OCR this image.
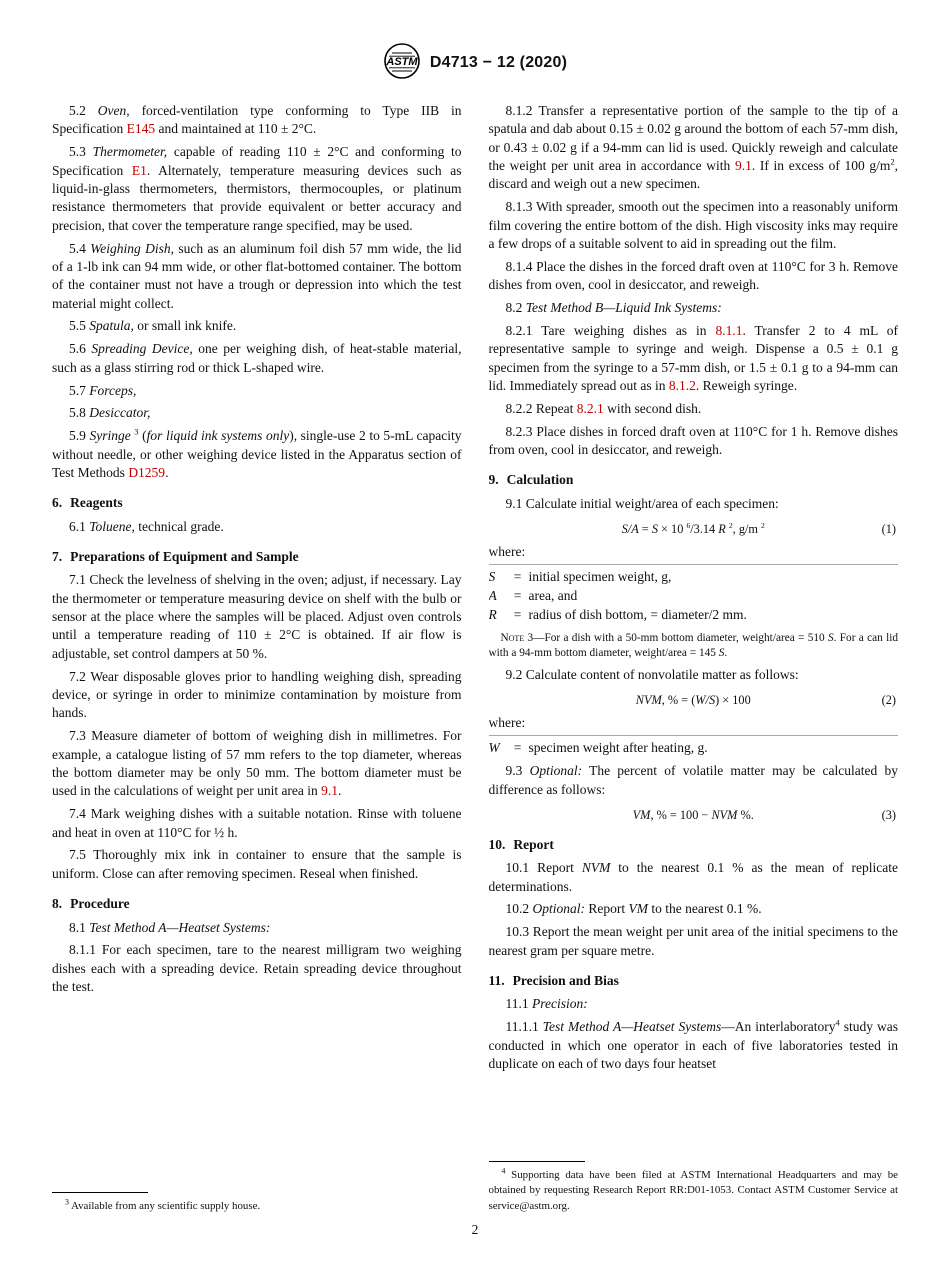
ASTM D4713 − 12 (2020)

5.2 Oven, forced-ventilation type conforming to Type IIB in Specification E145 and maintained at 110 ± 2°C.

5.3 Thermometer, capable of reading 110 ± 2°C and conforming to Specification E1. Alternately, temperature measuring devices such as liquid-in-glass thermometers, thermistors, thermocouples, or platinum resistance thermometers that provide equivalent or better accuracy and precision, that cover the temperature range specified, may be used.

5.4 Weighing Dish, such as an aluminum foil dish 57 mm wide, the lid of a 1-lb ink can 94 mm wide, or other flat-bottomed container. The bottom of the container must not have a trough or depression into which the test material might collect.

5.5 Spatula, or small ink knife.

5.6 Spreading Device, one per weighing dish, of heat-stable material, such as a glass stirring rod or thick L-shaped wire.

5.7 Forceps,

5.8 Desiccator,

5.9 Syringe $^3$ (for liquid ink systems only), single-use 2 to 5-mL capacity without needle, or other weighing device listed in the Apparatus section of Test Methods D1259.

6. Reagents

6.1 Toluene, technical grade.

7. Preparations of Equipment and Sample

7.1 Check the levelness of shelving in the oven; adjust, if necessary. Lay the thermometer or temperature measuring device on shelf with the bulb or sensor at the place where the samples will be placed. Adjust oven controls until a temperature reading of 110 ± 2°C is obtained. If air flow is adjustable, set control dampers at 50 %.

7.2 Wear disposable gloves prior to handling weighing dish, spreading device, or syringe in order to minimize contamination by moisture from hands.

7.3 Measure diameter of bottom of weighing dish in millimetres. For example, a catalogue listing of 57 mm refers to the top diameter, whereas the bottom diameter may be only 50 mm. The bottom diameter must be used in the calculations of weight per unit area in 9.1.

7.4 Mark weighing dishes with a suitable notation. Rinse with toluene and heat in oven at 110°C for ½ h.

7.5 Thoroughly mix ink in container to ensure that the sample is uniform. Close can after removing specimen. Reseal when finished.

8. Procedure

8.1 Test Method A—Heatset Systems:

8.1.1 For each specimen, tare to the nearest milligram two weighing dishes each with a spreading device. Retain spreading device throughout the test.

$^3$ Available from any scientific supply house.

8.1.2 Transfer a representative portion of the sample to the tip of a spatula and dab about 0.15 ± 0.02 g around the bottom of each 57-mm dish, or 0.43 ± 0.02 g if a 94-mm can lid is used. Quickly reweigh and calculate the weight per unit area in accordance with 9.1. If in excess of 100 $g/m^2$, discard and weigh out a new specimen.

8.1.3 With spreader, smooth out the specimen into a reasonably uniform film covering the entire bottom of the dish. High viscosity inks may require a few drops of a suitable solvent to aid in spreading out the film.

8.1.4 Place the dishes in the forced draft oven at 110°C for 3 h. Remove dishes from oven, cool in desiccator, and reweigh.

8.2 Test Method B—Liquid Ink Systems:

8.2.1 Tare weighing dishes as in 8.1.1. Transfer 2 to 4 mL of representative sample to syringe and weigh. Dispense a 0.5 ± 0.1 g specimen from the syringe to a 57-mm dish, or 1.5 ± 0.1 g to a 94-mm can lid. Immediately spread out as in 8.1.2. Reweigh syringe.

8.2.2 Repeat 8.2.1 with second dish.

8.2.3 Place dishes in forced draft oven at 110°C for 1 h. Remove dishes from oven, cool in desiccator, and reweigh.

9. Calculation

9.1 Calculate initial weight/area of each specimen:

S/A = S × 10 $^6$/3.14 R $^2$, g/m $^2$	(1)

where:

S	= initial specimen weight, g,
A	= area, and
R	= radius of dish bottom, = diameter/2 mm.

Note 3—For a dish with a 50-mm bottom diameter, weight/area = 510 S. For a can lid with a 94-mm bottom diameter, weight/area = 145 S.

9.2 Calculate content of nonvolatile matter as follows:

NVM, % = (W/S) × 100	(2)

where:

W	= specimen weight after heating, g.

9.3 Optional: The percent of volatile matter may be calculated by difference as follows:

VM, % = 100 − NVM %.	(3)
10. Report

10.1 Report NVM to the nearest 0.1 % as the mean of replicate determinations.

10.2 Optional: Report VM to the nearest 0.1 %.

10.3 Report the mean weight per unit area of the initial specimens to the nearest gram per square metre.

11. Precision and Bias

11.1 Precision:

11.1.1 Test Method A—Heatset Systems—An interlaboratory$^4$ study was conducted in which one operator in each of five laboratories tested in duplicate on each of two days four heatset

$^4$ Supporting data have been filed at ASTM International Headquarters and may be obtained by requesting Research Report RR:D01-1053. Contact ASTM Customer Service at service@astm.org.

2
